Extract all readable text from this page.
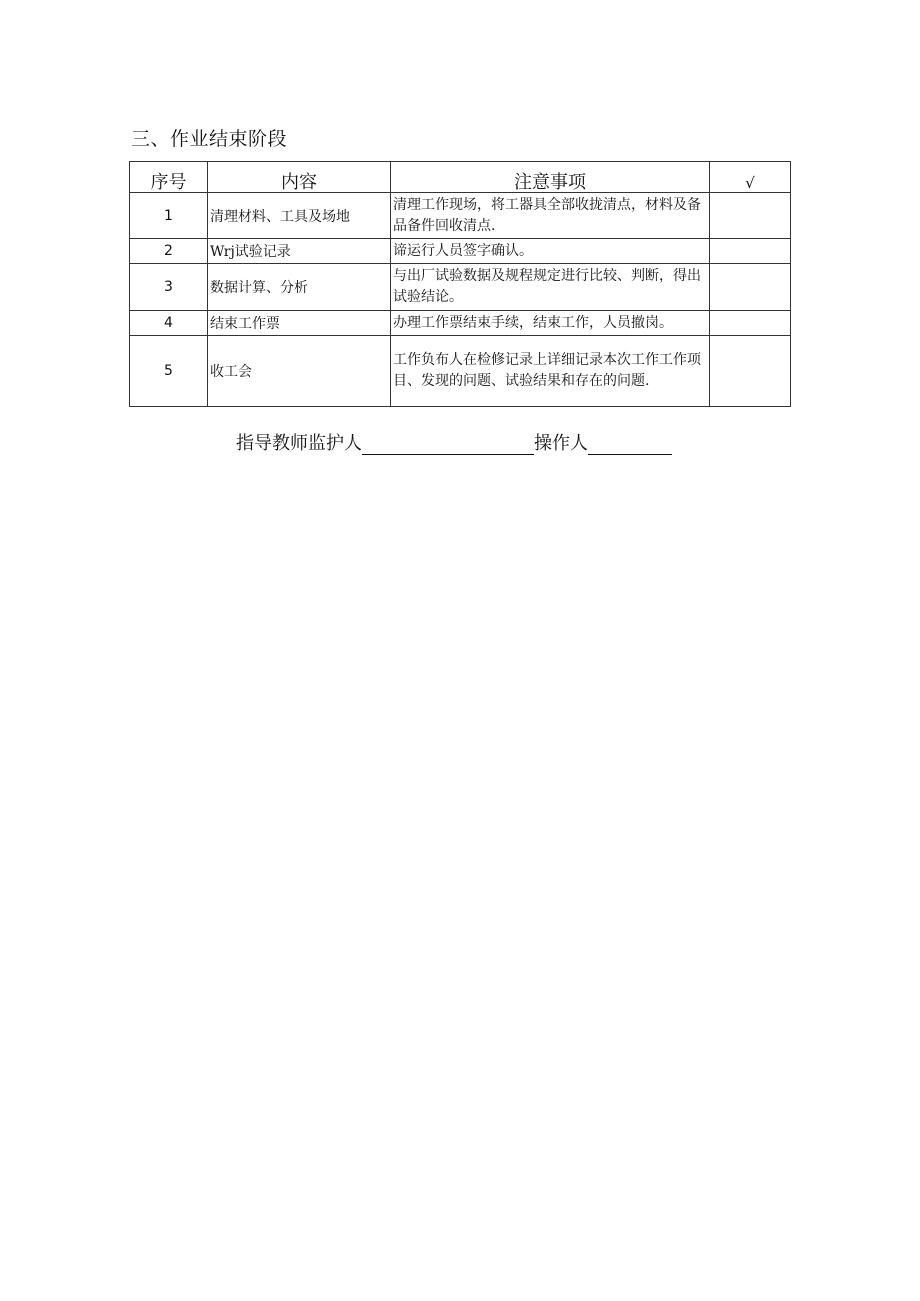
三、作业结束阶段
序号	内容	注意事项	√
1	清理材料、工具及场地	清理工作现场，将工器具全部收拢清点，材料及备品备件回收清点.	
2	Wrj试验记录	谛运行人员签字确认。	
3	数据计算、分析	与出厂试验数据及规程规定进行比较、判断，得出试验结论。	
4	结束工作票	办理工作票结束手续，结束工作，人员撤岗。	
5	收工会	工作负布人在检修记录上详细记录本次工作工作项目、发现的问题、试验结果和存在的问题.	
指导教师监护人	操作人
